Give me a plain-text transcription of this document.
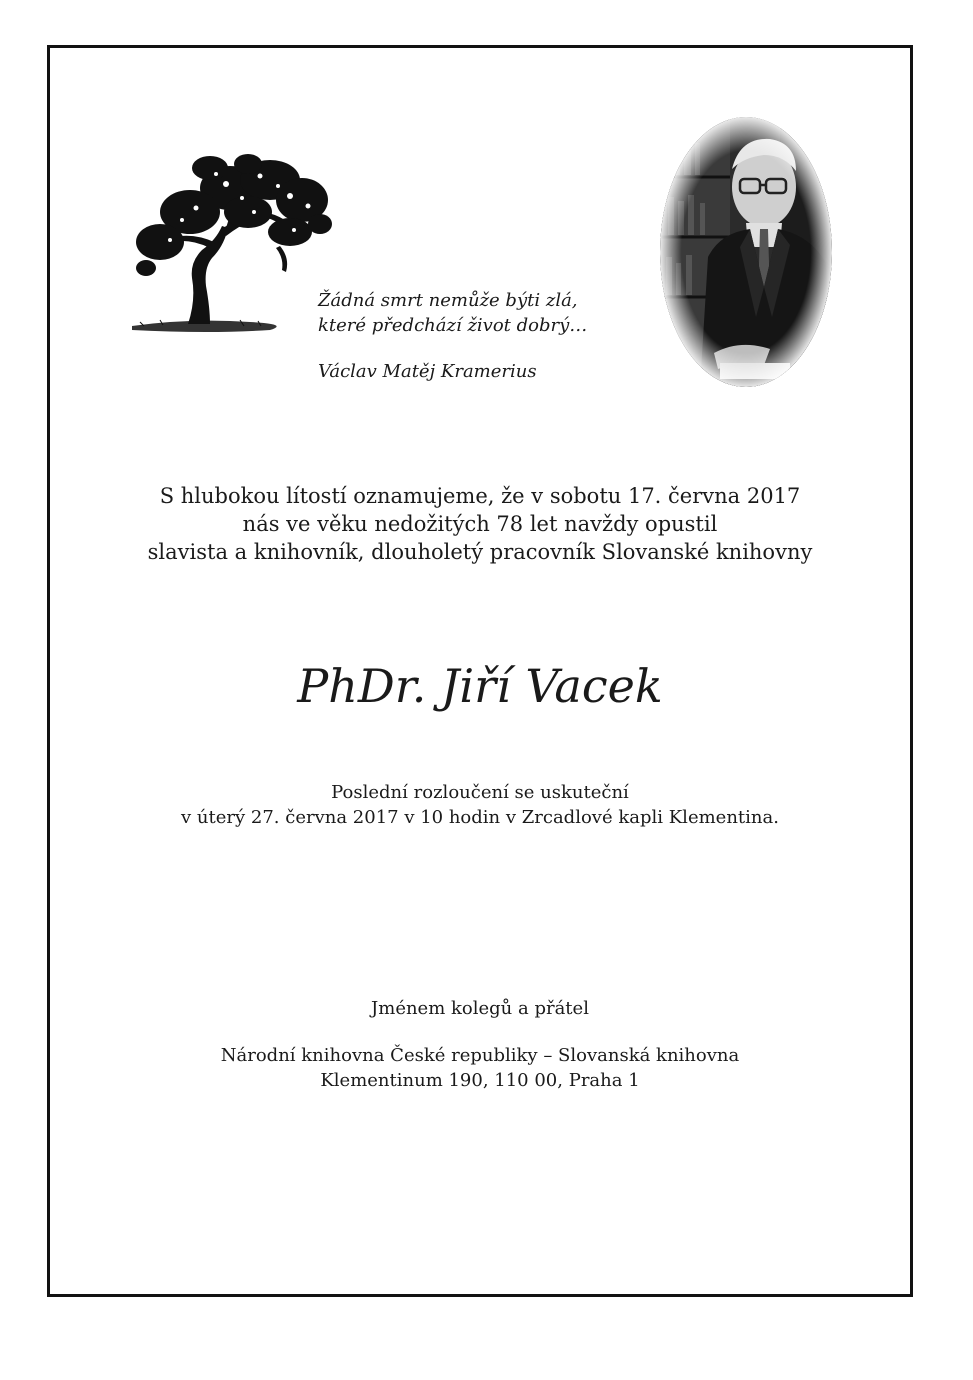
Žádná smrt nemůže býti zlá,
které předchází život dobrý…
Václav Matěj Kramerius
S hlubokou lítostí oznamujeme, že v sobotu 17. června 2017
nás ve věku nedožitých 78 let navždy opustil
slavista a knihovník, dlouholetý pracovník Slovanské knihovny
PhDr. Jiří Vacek
Poslední rozloučení se uskuteční
v úterý 27. června 2017 v 10 hodin v Zrcadlové kapli Klementina.
Jménem kolegů a přátel
Národní knihovna České republiky – Slovanská knihovna
Klementinum 190, 110 00, Praha 1
